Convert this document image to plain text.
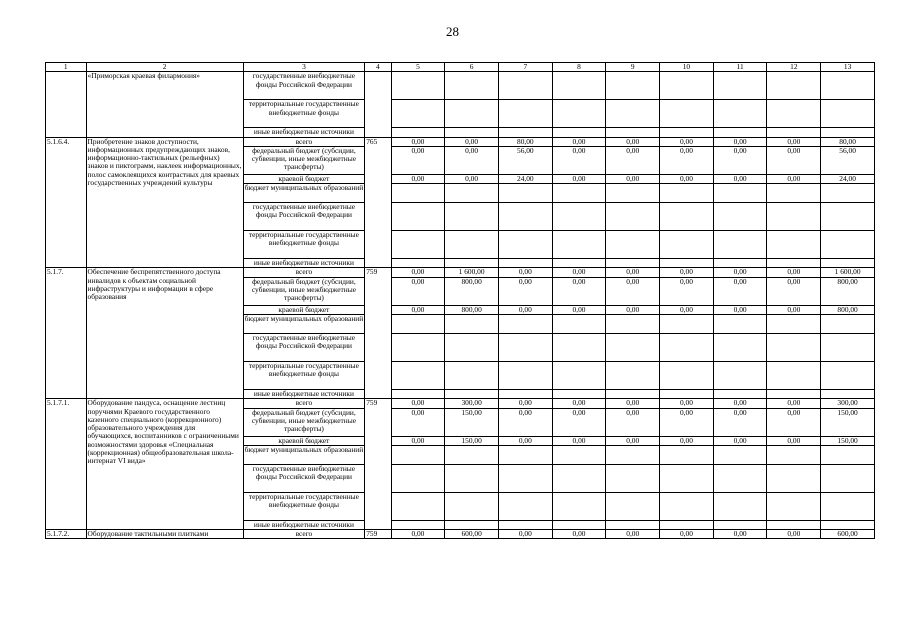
28
1	2	3	4	5	6	7	8	9	10	11	12	13
	«Приморская краевая филармония»	государственные внебюджетные фонды Российской Федерации										
		территориальные государственные внебюджетные фонды										
		иные внебюджетные источники										
5.1.6.4.	Приобретение знаков доступности, информационных предупреждающих знаков, информационно-тактильных (рельефных) знаков и пиктограмм, наклеек информационных, полос самоклеящихся контрастных для краевых государственных учреждений культуры	всего	765	0,00	0,00	80,00	0,00	0,00	0,00	0,00	0,00	80,00
		федеральный бюджет (субсидии, субвенции, иные межбюджетные трансферты)		0,00	0,00	56,00	0,00	0,00	0,00	0,00	0,00	56,00
		краевой бюджет		0,00	0,00	24,00	0,00	0,00	0,00	0,00	0,00	24,00
		бюджет муниципальных образований										
		государственные внебюджетные фонды Российской Федерации										
		территориальные государственные внебюджетные фонды										
		иные внебюджетные источники										
5.1.7.	Обеспечение беспрепятственного доступа инвалидов к объектам социальной инфраструктуры и информации в сфере образования	всего	759	0,00	1 600,00	0,00	0,00	0,00	0,00	0,00	0,00	1 600,00
		федеральный бюджет (субсидии, субвенции, иные межбюджетные трансферты)		0,00	800,00	0,00	0,00	0,00	0,00	0,00	0,00	800,00
		краевой бюджет		0,00	800,00	0,00	0,00	0,00	0,00	0,00	0,00	800,00
		бюджет муниципальных образований										
		государственные внебюджетные фонды Российской Федерации										
		территориальные государственные внебюджетные фонды										
		иные внебюджетные источники										
5.1.7.1.	Оборудование пандуса, оснащение лестниц поручнями Краевого государственного казенного специального (коррекционного) образовательного учреждения для обучающихся, воспитанников с ограниченными возможностями здоровья «Специальная (коррекционная) общеобразовательная школа-интернат VI вида»	всего	759	0,00	300,00	0,00	0,00	0,00	0,00	0,00	0,00	300,00
		федеральный бюджет (субсидии, субвенции, иные межбюджетные трансферты)		0,00	150,00	0,00	0,00	0,00	0,00	0,00	0,00	150,00
		краевой бюджет		0,00	150,00	0,00	0,00	0,00	0,00	0,00	0,00	150,00
		бюджет муниципальных образований										
		государственные внебюджетные фонды Российской Федерации										
		территориальные государственные внебюджетные фонды										
		иные внебюджетные источники										
5.1.7.2.	Оборудование тактильными плитками	всего	759	0,00	600,00	0,00	0,00	0,00	0,00	0,00	0,00	600,00
